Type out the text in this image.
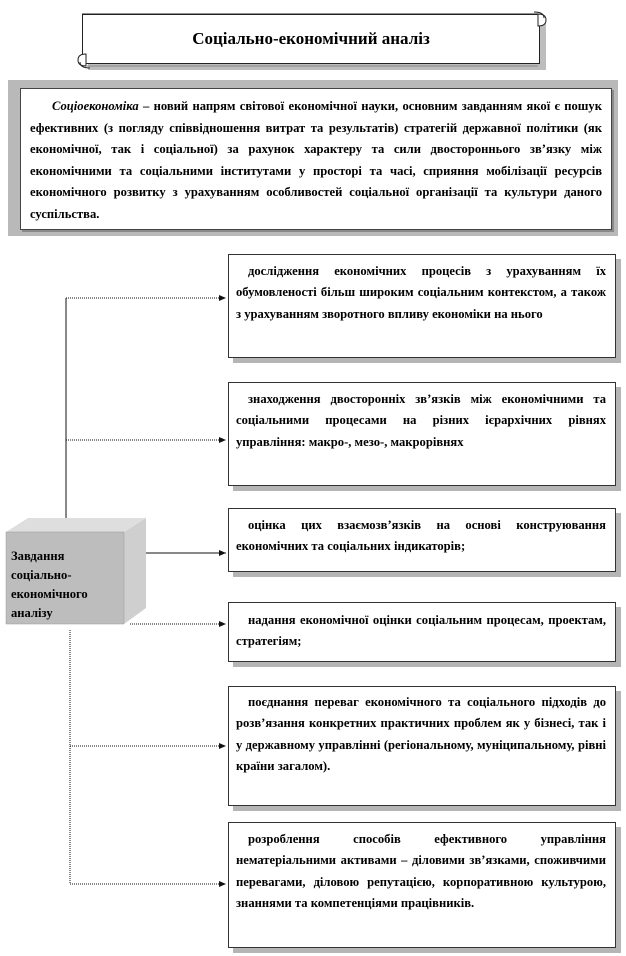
Соціально-економічний аналіз
Соціоекономіка – новий напрям світової економічної науки, основним завданням якої є пошук ефективних (з погляду співвідношення витрат та результатів) стратегій державної політики (як економічної, так і соціальної) за рахунок характеру та сили двостороннього зв’язку між економічними та соціальними інститутами у просторі та часі, сприяння мобілізації ресурсів економічного розвитку з урахуванням особливостей соціальної організації та культури даного суспільства.
Завдання соціально-економічного аналізу
дослідження економічних процесів з урахуванням їх обумовленості більш широким соціальним контекстом, а також з урахуванням зворотного впливу економіки на нього
знаходження двосторонніх зв’язків між економічними та соціальними процесами на різних ієрархічних рівнях управління: макро-, мезо-, макрорівнях
оцінка цих взаємозв’язків на основі конструювання економічних та соціальних індикаторів;
надання економічної оцінки соціальним процесам, проектам, стратегіям;
поєднання переваг економічного та соціального підходів до розв’язання конкретних практичних проблем як у бізнесі, так і у державному управлінні (регіональному, муніципальному, рівні країни загалом).
розроблення способів ефективного управління нематеріальними активами – діловими зв’язками, споживчими перевагами, діловою репутацією, корпоративною культурою, знаннями та компетенціями працівників.
